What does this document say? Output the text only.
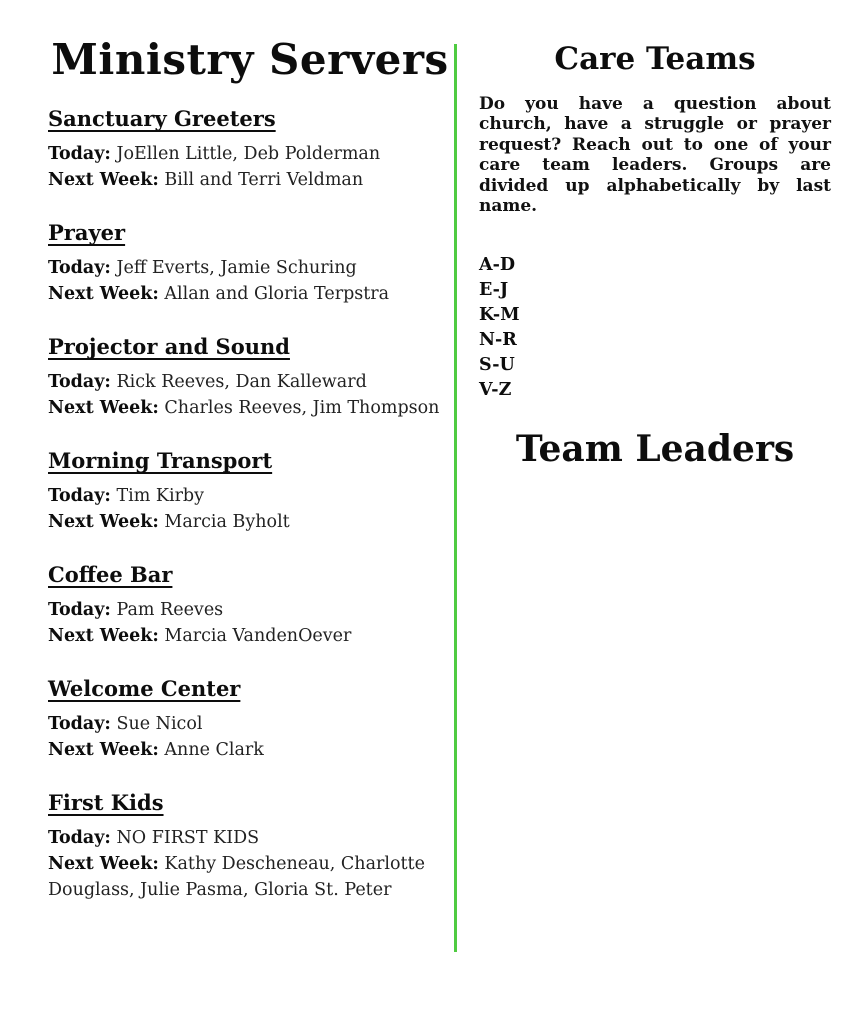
Ministry Servers
Sanctuary Greeters

Today: JoEllen Little, Deb Polderman

Next Week: Bill and Terri Veldman

Prayer

Today: Jeff Everts, Jamie Schuring

Next Week: Allan and Gloria Terpstra

Projector and Sound

Today: Rick Reeves, Dan Kalleward

Next Week: Charles Reeves, Jim Thompson

Morning Transport

Today: Tim Kirby

Next Week: Marcia Byholt

Coffee Bar

Today: Pam Reeves

Next Week: Marcia VandenOever

Welcome Center

Today: Sue Nicol

Next Week: Anne Clark

First Kids

Today: NO FIRST KIDS

Next Week: Kathy Descheneau, Charlotte Douglass, Julie Pasma, Gloria St. Peter

Care Teams

Do you have a question about church, have a struggle or prayer request? Reach out to one of your care team leaders. Groups are divided up alphabetically by last name.

A-D
E-J
K-M
N-R
S-U
V-Z
Team Leaders
